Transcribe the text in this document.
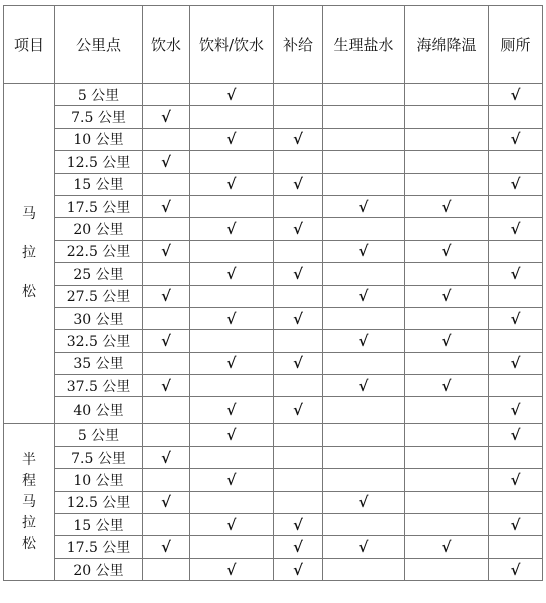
项目	公里点	饮水	饮料/饮水	补给	生理盐水	海绵降温	厕所

马
拉
松	5 公里		√				√
	7.5 公里	√					
	10 公里		√	√			√
	12.5 公里	√					
	15 公里		√	√			√
	17.5 公里	√			√	√	
	20 公里		√	√			√
	22.5 公里	√			√	√	
	25 公里		√	√			√
	27.5 公里	√			√	√	
	30 公里		√	√			√
	32.5 公里	√			√	√	
	35 公里		√	√			√
	37.5 公里	√			√	√	
	40 公里		√	√			√

半
程
马
拉
松	5 公里		√				√
	7.5 公里	√					
	10 公里		√				√
	12.5 公里	√			√		
	15 公里		√	√			√
	17.5 公里	√		√	√	√	
	20 公里		√	√			√
